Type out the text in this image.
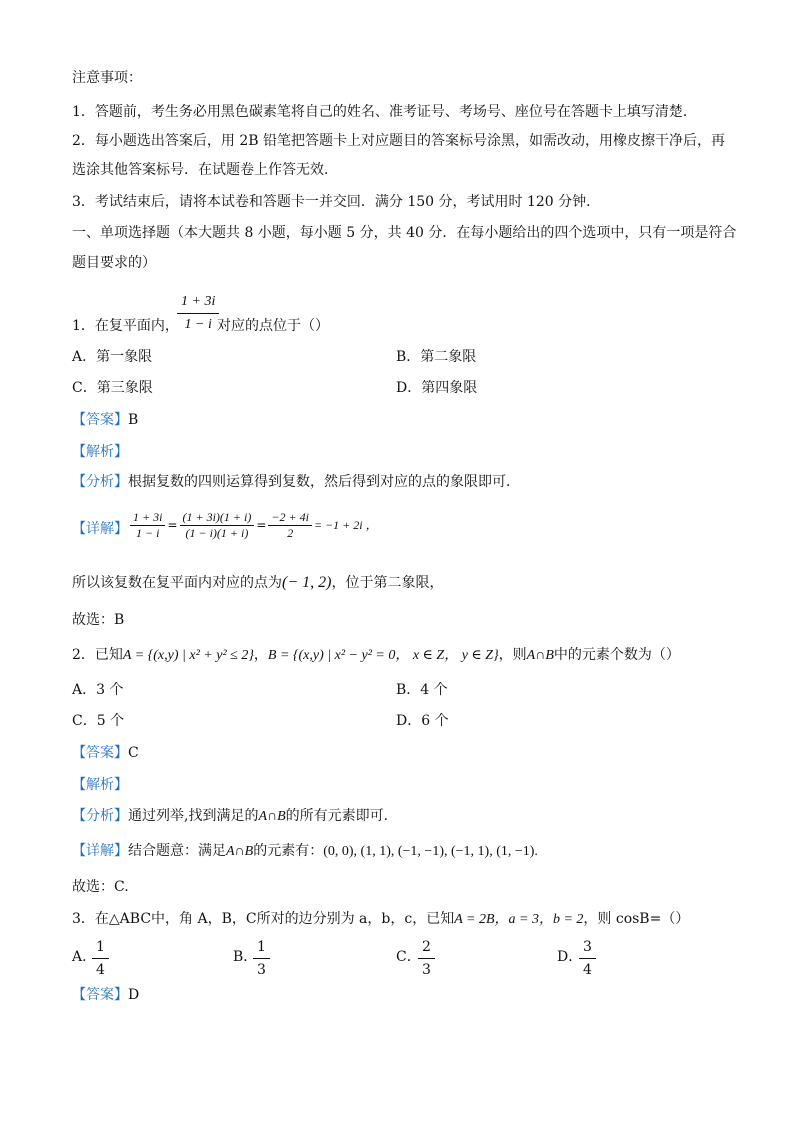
注意事项：
1．答题前，考生务必用黑色碳素笔将自己的姓名、准考证号、考场号、座位号在答题卡上填写清楚．
2．每小题选出答案后，用 2B 铅笔把答题卡上对应题目的答案标号涂黑，如需改动，用橡皮擦干净后，再
选涂其他答案标号．在试题卷上作答无效．
3．考试结束后，请将本试卷和答题卡一并交回．满分 150 分，考试用时 120 分钟．
一、单项选择题（本大题共 8 小题，每小题 5 分，共 40 分．在每小题给出的四个选项中，只有一项是符合
题目要求的）
1．在复平面内，
$\frac{1 + 3i}{1 - i}$
对应的点位于（）
A．第一象限	B．第二象限
C．第三象限	D．第四象限
【答案】B
【解析】
【分析】根据复数的四则运算得到复数，然后得到对应的点的象限即可．
【详解】 $\frac{1 + 3i}{1 - i} = \frac{(1 + 3i)(1 + i)}{(1 - i)(1 + i)} = \frac{-2 + 4i}{2} = -1 + 2i$ ，
所以该复数在复平面内对应的点为(− 1, 2)，位于第二象限，
故选：B
2．已知A = {(x,y) | x² + y² ≤ 2}，B = {(x,y) | x² − y² = 0， x ∈ Z， y ∈ Z}，则A∩B中的元素个数为（）
A．3 个	B．4 个
C．5 个	D．6 个
【答案】C
【解析】
【分析】通过列举,找到满足的A∩B的所有元素即可.
【详解】结合题意：满足A∩B的元素有：(0, 0), (1, 1), (−1, −1), (−1, 1), (1, −1).
故选：C.
3．在△ABC中，角 A，B，C所对的边分别为 a，b，c，已知A = 2B，a = 3，b = 2，则 cosB=（）
A．
$\frac{1}{4}$	B．
$\frac{1}{3}$	C．
$\frac{2}{3}$	D．
$\frac{3}{4}$
【答案】D
